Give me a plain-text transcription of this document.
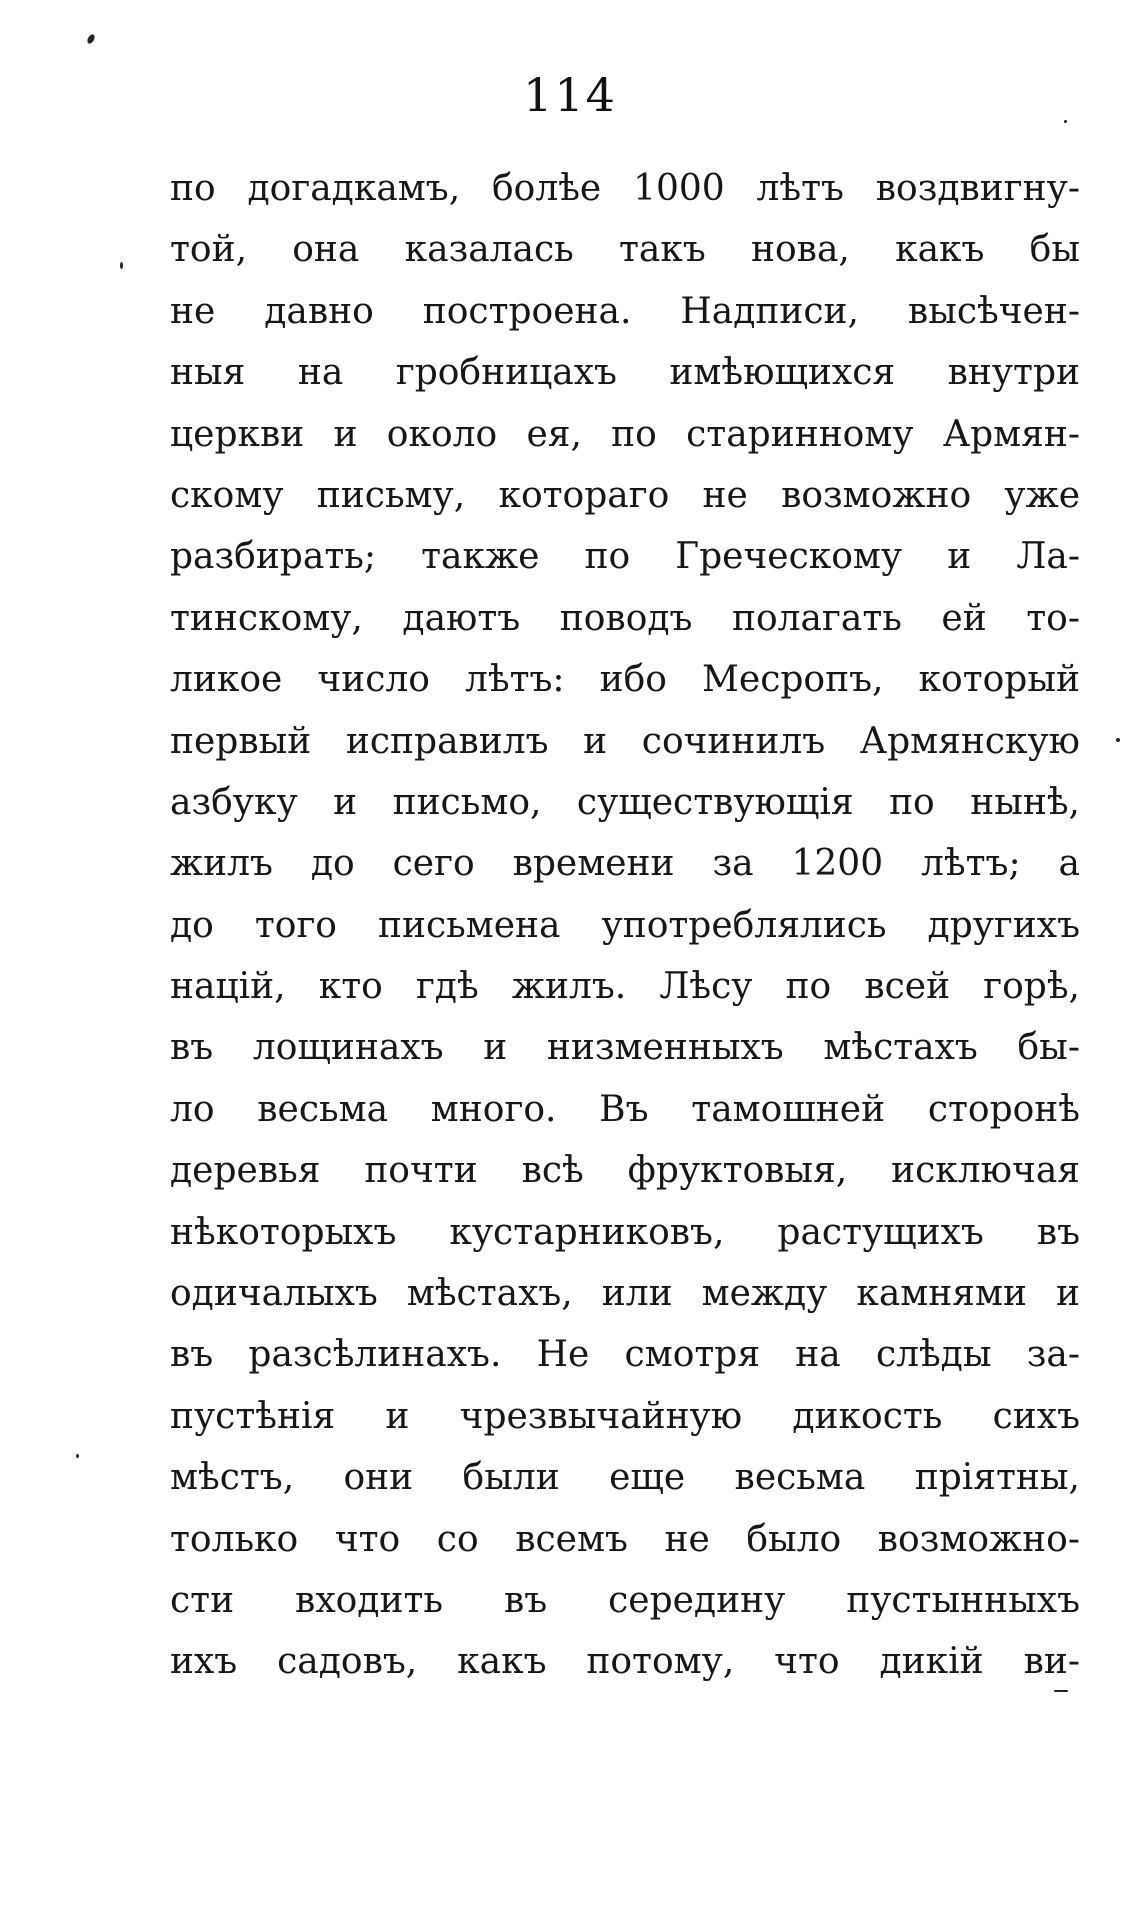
114
по догадкамъ, болѣе 1000 лѣтъ воздвигну-
той, она казалась такъ нова, какъ бы
не давно построена. Надписи, высѣчен-
ныя на гробницахъ имѣющихся внутри
церкви и около ея, по старинному Армян-
скому письму, котораго не возможно уже
разбирать; также по Греческому и Ла-
тинскому, даютъ поводъ полагать ей то-
ликое число лѣтъ: ибо Месропъ, который
первый исправилъ и сочинилъ Армянскую
азбуку и письмо, существующія по нынѣ,
жилъ до сего времени за 1200 лѣтъ; а
до того письмена употреблялись другихъ
націй, кто гдѣ жилъ. Лѣсу по всей горѣ,
въ лощинахъ и низменныхъ мѣстахъ бы-
ло весьма много. Въ тамошней сторонѣ
деревья почти всѣ фруктовыя, исключая
нѣкоторыхъ кустарниковъ, растущихъ въ
одичалыхъ мѣстахъ, или между камнями и
въ разсѣлинахъ. Не смотря на слѣды за-
пустѣнія и чрезвычайную дикость сихъ
мѣстъ, они были еще весьма пріятны,
только что со всемъ не было возможно-
сти входить въ середину пустынныхъ
ихъ садовъ, какъ потому, что дикій ви-
